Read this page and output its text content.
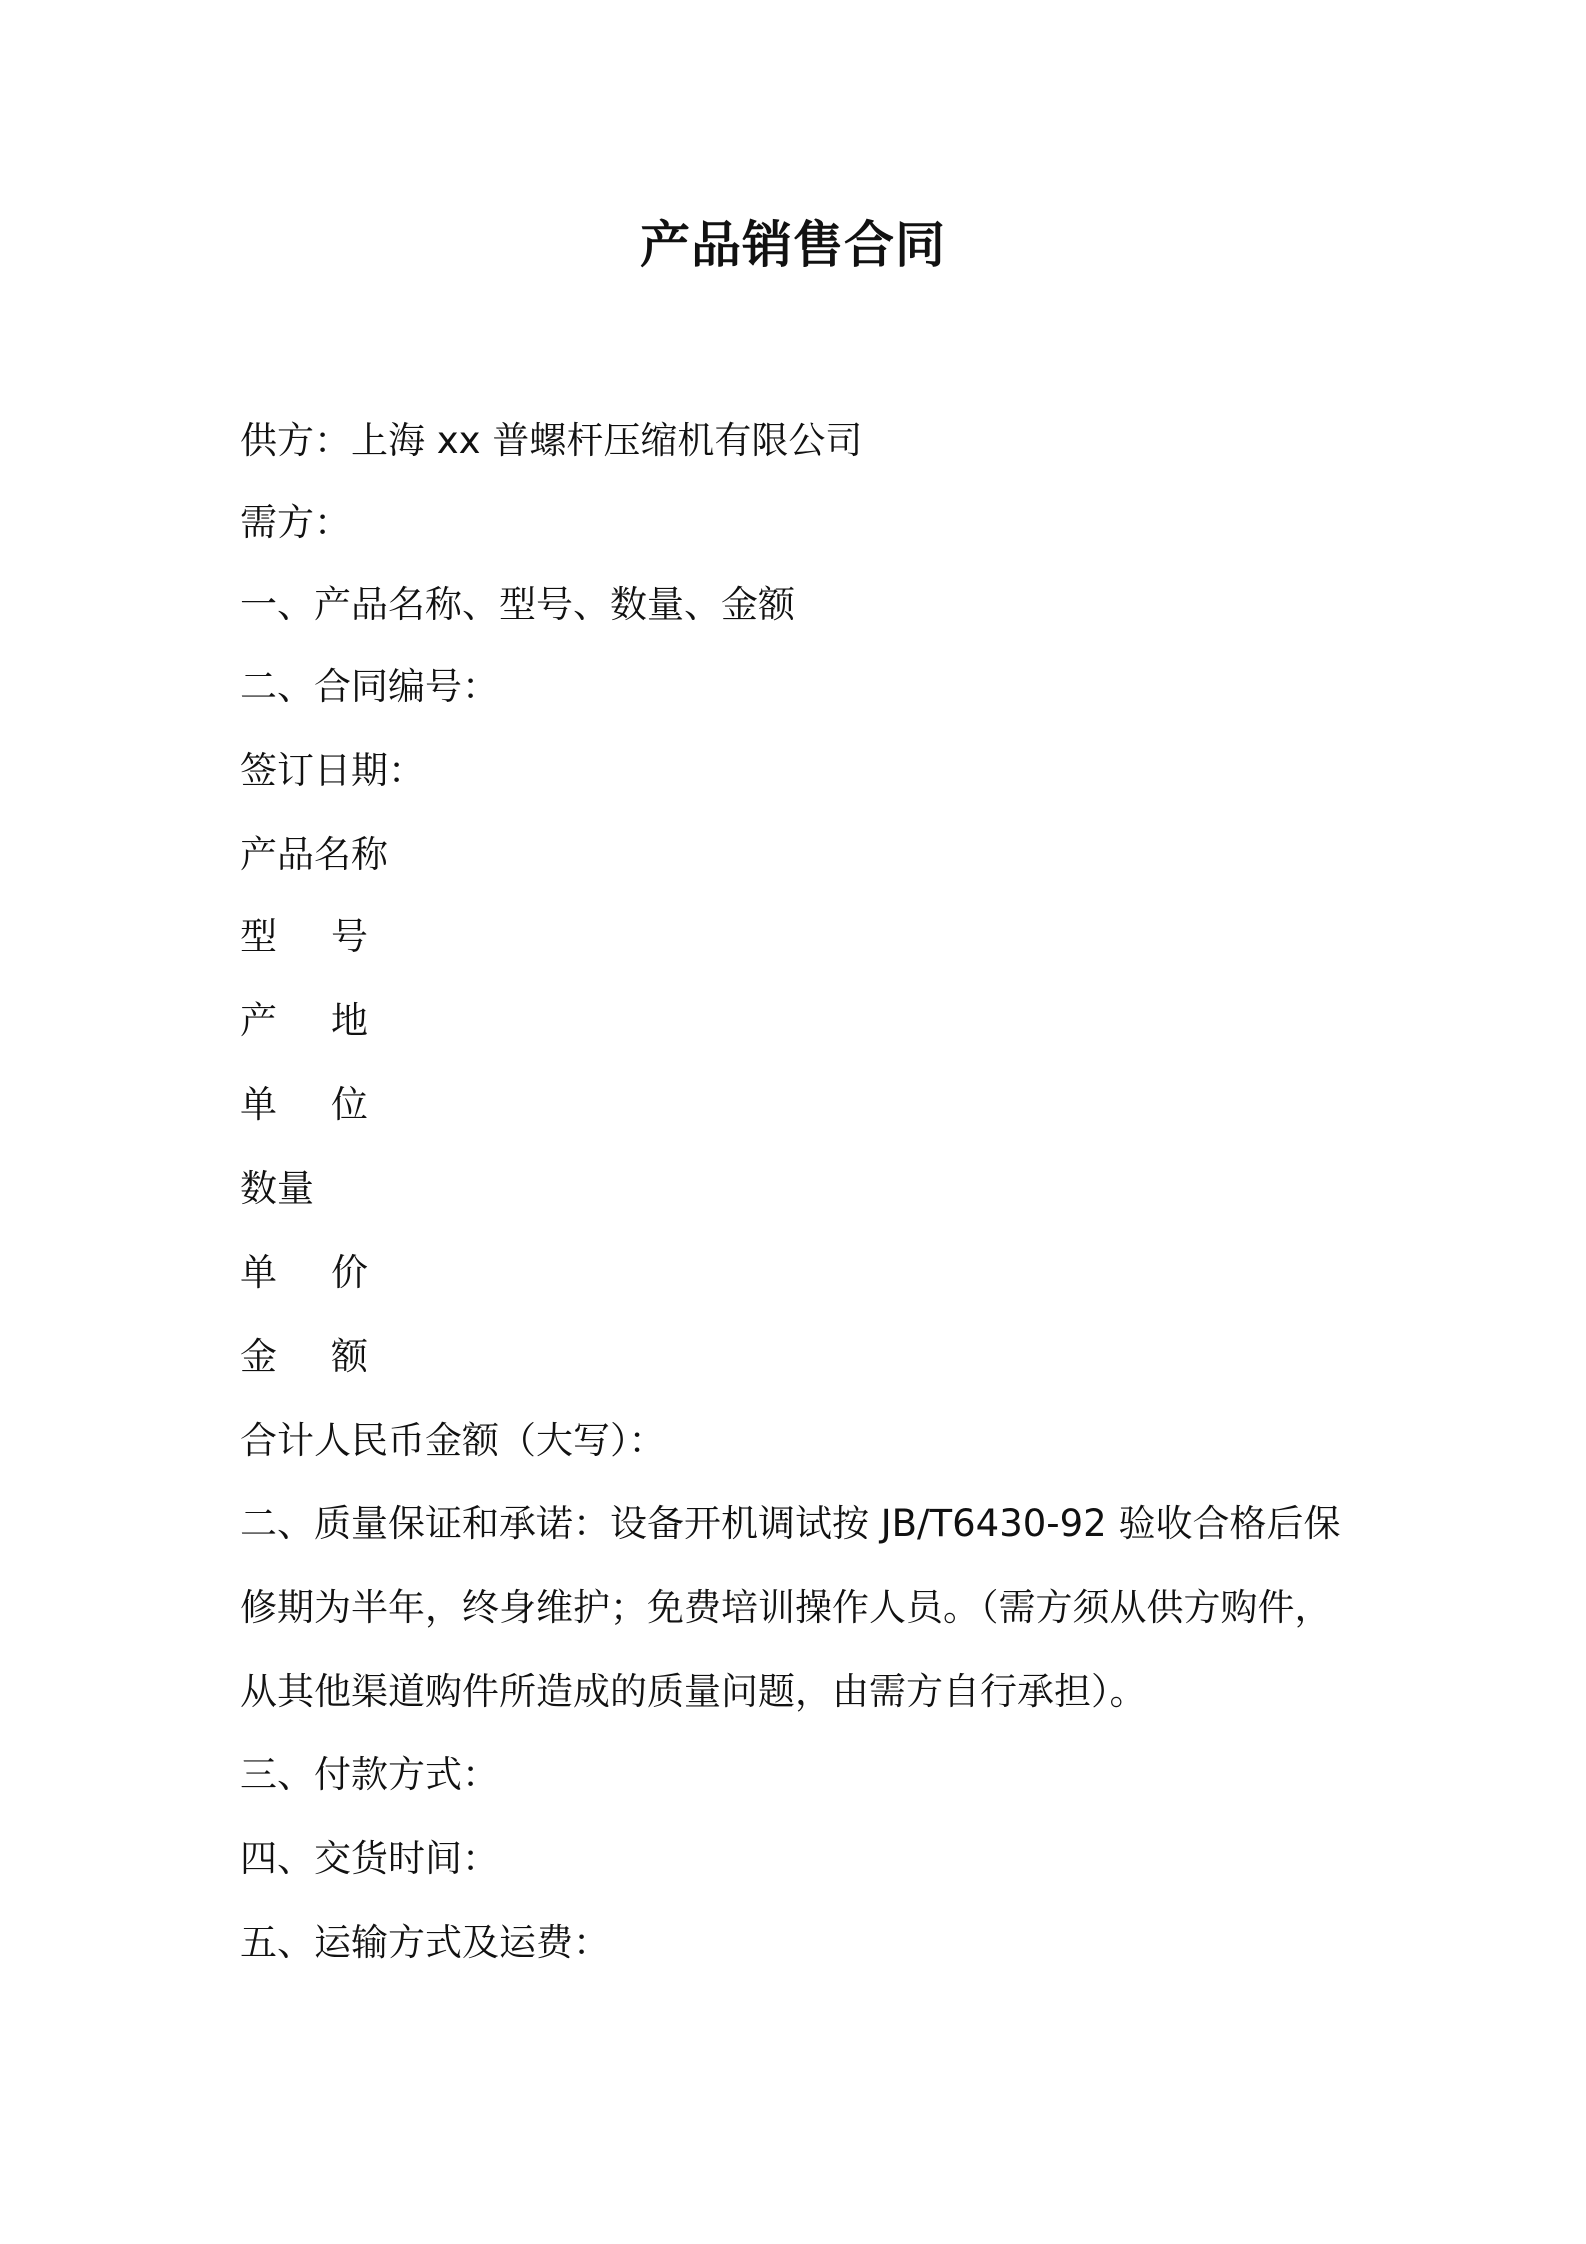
产品销售合同
供方：上海 xx 普螺杆压缩机有限公司
需方：
一、产品名称、型号、数量、金额
二、合同编号：
签订日期：
产品名称
型 号
产 地
单 位
数量
单 价
金 额
合计人民币金额（大写）：
二、质量保证和承诺：设备开机调试按 JB/T6430-92 验收合格后保
修期为半年，终身维护；免费培训操作人员。（需方须从供方购件，
从其他渠道购件所造成的质量问题，由需方自行承担）。
三、付款方式：
四、交货时间：
五、运输方式及运费：
